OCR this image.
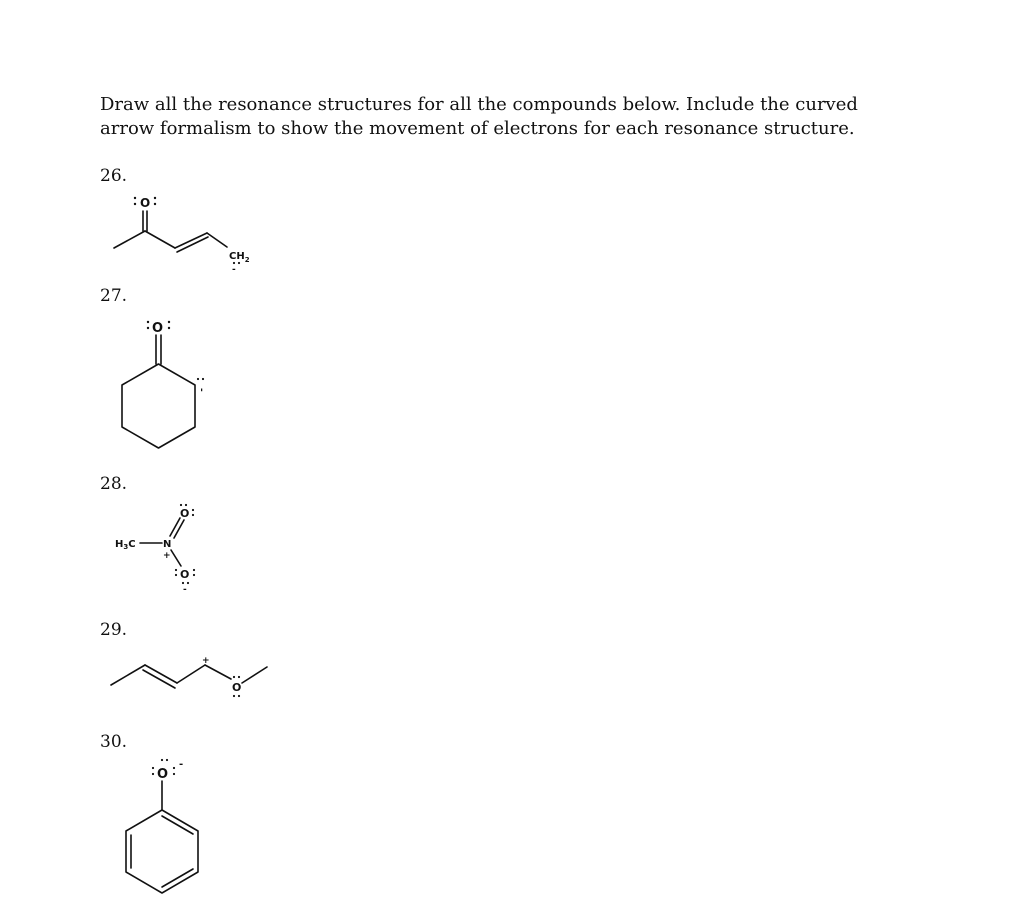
Draw all the resonance structures for all the compounds below. Include the curved
arrow formalism to show the movement of electrons for each resonance structure.

26.

O
$CH_2$
-

27.

O
-

28.

$H_3C$	N
+
O
O
-

29.

+
O

30.

O
-
